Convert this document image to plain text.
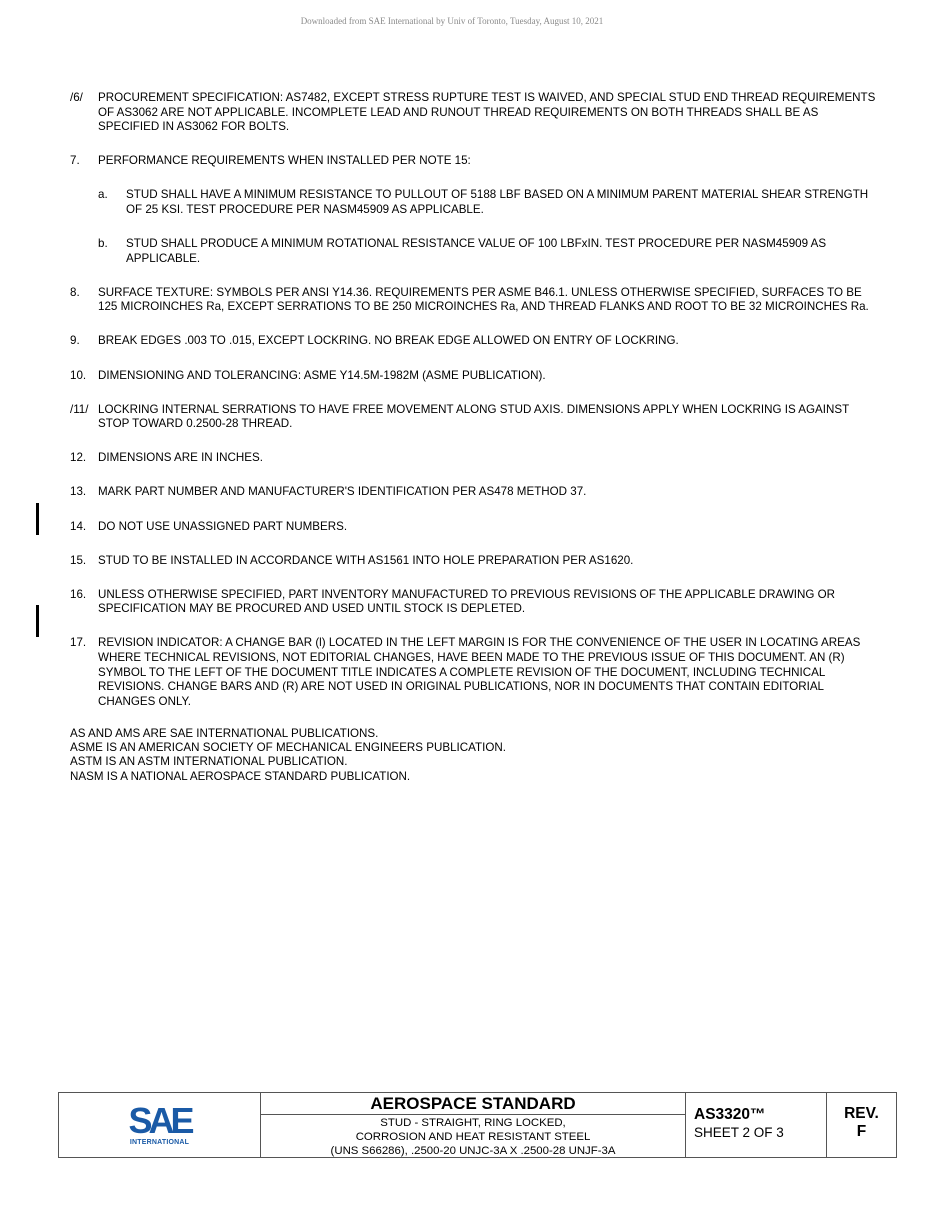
Downloaded from SAE International by Univ of Toronto, Tuesday, August 10, 2021
/6/	PROCUREMENT SPECIFICATION: AS7482, EXCEPT STRESS RUPTURE TEST IS WAIVED, AND SPECIAL STUD END THREAD REQUIREMENTS OF AS3062 ARE NOT APPLICABLE. INCOMPLETE LEAD AND RUNOUT THREAD REQUIREMENTS ON BOTH THREADS SHALL BE AS SPECIFIED IN AS3062 FOR BOLTS.
7.	PERFORMANCE REQUIREMENTS WHEN INSTALLED PER NOTE 15:
a.	STUD SHALL HAVE A MINIMUM RESISTANCE TO PULLOUT OF 5188 LBF BASED ON A MINIMUM PARENT MATERIAL SHEAR STRENGTH OF 25 KSI. TEST PROCEDURE PER NASM45909 AS APPLICABLE.
b.	STUD SHALL PRODUCE A MINIMUM ROTATIONAL RESISTANCE VALUE OF 100 LBFxIN. TEST PROCEDURE PER NASM45909 AS APPLICABLE.
8.	SURFACE TEXTURE: SYMBOLS PER ANSI Y14.36. REQUIREMENTS PER ASME B46.1. UNLESS OTHERWISE SPECIFIED, SURFACES TO BE 125 MICROINCHES Ra, EXCEPT SERRATIONS TO BE 250 MICROINCHES Ra, AND THREAD FLANKS AND ROOT TO BE 32 MICROINCHES Ra.
9.	BREAK EDGES .003 TO .015, EXCEPT LOCKRING. NO BREAK EDGE ALLOWED ON ENTRY OF LOCKRING.
10.	DIMENSIONING AND TOLERANCING: ASME Y14.5M-1982M (ASME PUBLICATION).
/11/ LOCKRING INTERNAL SERRATIONS TO HAVE FREE MOVEMENT ALONG STUD AXIS. DIMENSIONS APPLY WHEN LOCKRING IS AGAINST STOP TOWARD 0.2500-28 THREAD.
12.	DIMENSIONS ARE IN INCHES.
13.	MARK PART NUMBER AND MANUFACTURER'S IDENTIFICATION PER AS478 METHOD 37.
14.	DO NOT USE UNASSIGNED PART NUMBERS.
15.	STUD TO BE INSTALLED IN ACCORDANCE WITH AS1561 INTO HOLE PREPARATION PER AS1620.
16.	UNLESS OTHERWISE SPECIFIED, PART INVENTORY MANUFACTURED TO PREVIOUS REVISIONS OF THE APPLICABLE DRAWING OR SPECIFICATION MAY BE PROCURED AND USED UNTIL STOCK IS DEPLETED.
17.	REVISION INDICATOR: A CHANGE BAR (l) LOCATED IN THE LEFT MARGIN IS FOR THE CONVENIENCE OF THE USER IN LOCATING AREAS WHERE TECHNICAL REVISIONS, NOT EDITORIAL CHANGES, HAVE BEEN MADE TO THE PREVIOUS ISSUE OF THIS DOCUMENT. AN (R) SYMBOL TO THE LEFT OF THE DOCUMENT TITLE INDICATES A COMPLETE REVISION OF THE DOCUMENT, INCLUDING TECHNICAL REVISIONS. CHANGE BARS AND (R) ARE NOT USED IN ORIGINAL PUBLICATIONS, NOR IN DOCUMENTS THAT CONTAIN EDITORIAL CHANGES ONLY.
AS AND AMS ARE SAE INTERNATIONAL PUBLICATIONS.
ASME IS AN AMERICAN SOCIETY OF MECHANICAL ENGINEERS PUBLICATION.
ASTM IS AN ASTM INTERNATIONAL PUBLICATION.
NASM IS A NATIONAL AEROSPACE STANDARD PUBLICATION.
SAE
INTERNATIONAL
AEROSPACE STANDARD
STUD - STRAIGHT, RING LOCKED,
CORROSION AND HEAT RESISTANT STEEL
(UNS S66286), .2500-20 UNJC-3A X .2500-28 UNJF-3A
AS3320™
SHEET 2 OF 3
REV.
F
